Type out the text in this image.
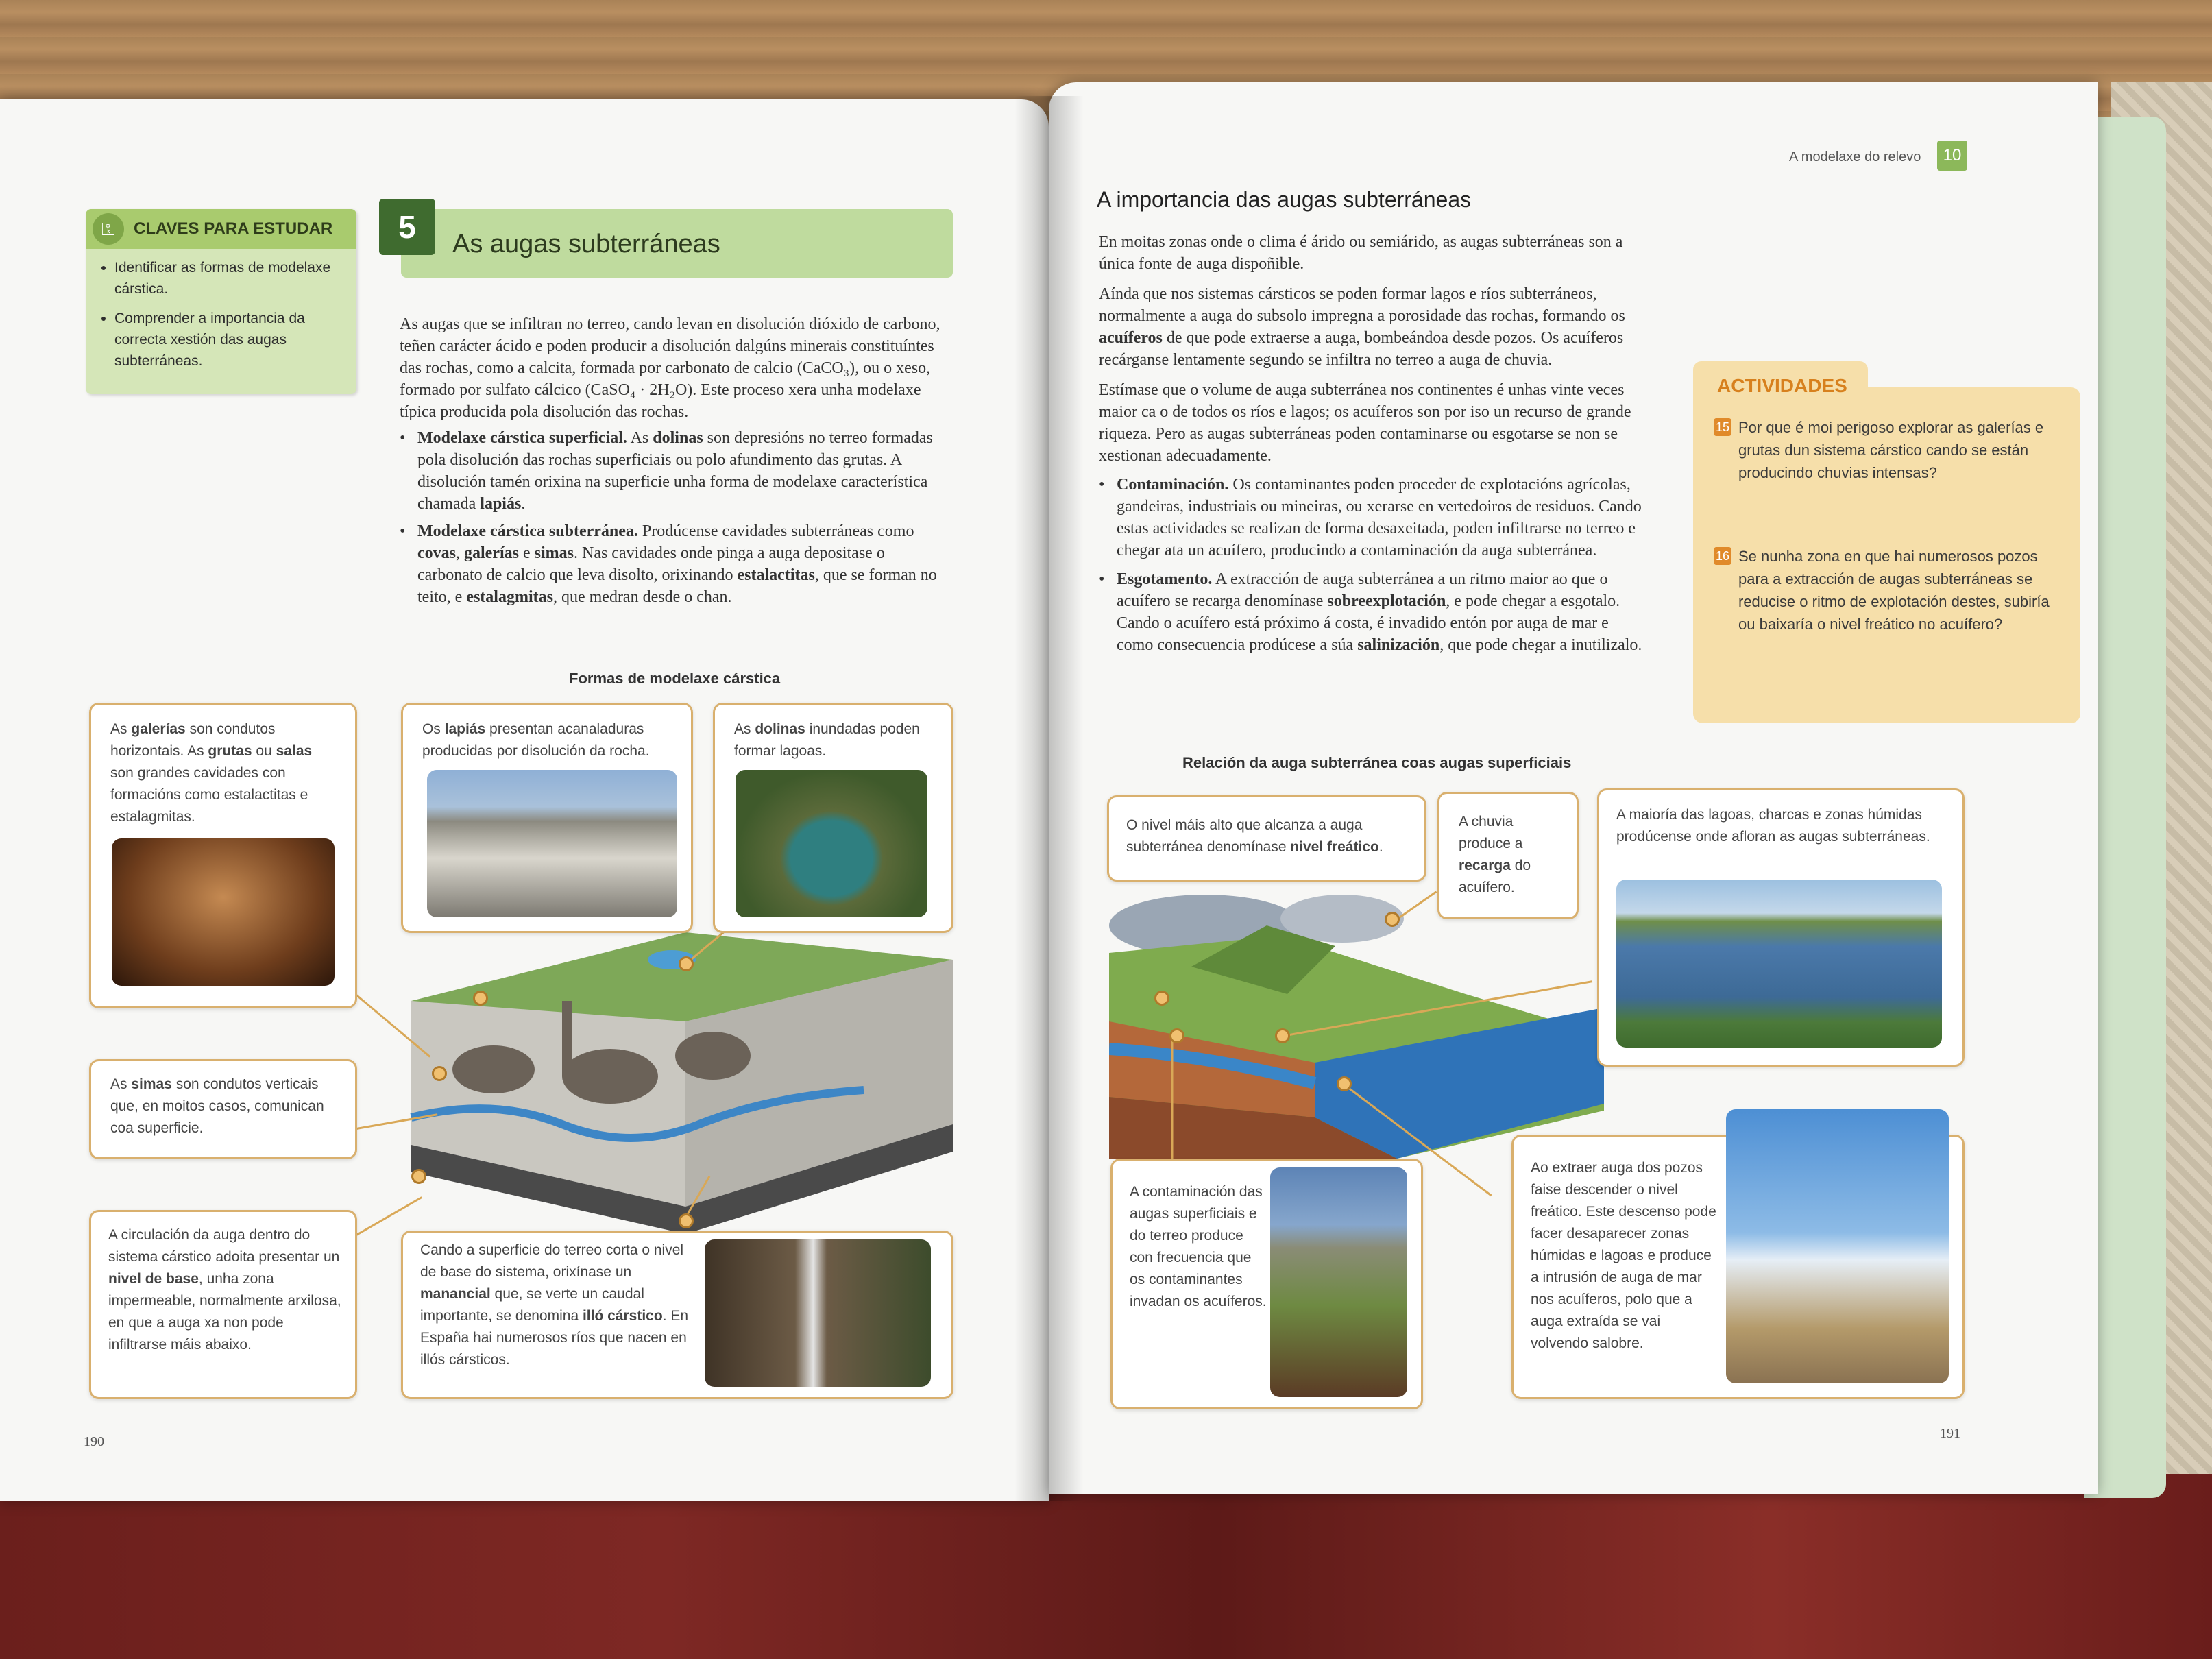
⚿	CLAVES PARA ESTUDAR
• Identificar as formas de modelaxe cárstica.
• Comprender a importancia da correcta xestión das augas subterráneas.
5	As augas subterráneas

As augas que se infiltran no terreo, cando levan en disolución dióxido de carbono, teñen carácter ácido e poden producir a disolución dalgúns minerais constituíntes das rochas, como a calcita, formada por carbonato de calcio (CaCO₃), ou o xeso, formado por sulfato cálcico (CaSO₄ · 2H₂O). Este proceso xera unha modelaxe típica producida pola disolución das rochas.

• Modelaxe cárstica superficial. As dolinas son depresións no terreo formadas pola disolución das rochas superficiais ou polo afundimento das grutas. A disolución tamén orixina na superficie unha forma de modelaxe característica chamada lapiás.
• Modelaxe cárstica subterránea. Prodúcense cavidades subterráneas como covas, galerías e simas. Nas cavidades onde pinga a auga depositase o carbonato de calcio que leva disolto, orixinando estalactitas, que se forman no teito, e estalagmitas, que medran desde o chan.
Formas de modelaxe cárstica
As galerías son condutos horizontais. As grutas ou salas son grandes cavidades con formacións como estalactitas e estalagmitas.
Os lapiás presentan acanaladuras producidas por disolución da rocha.
As dolinas inundadas poden formar lagoas.
As simas son condutos verticais que, en moitos casos, comunican coa superficie.
A circulación da auga dentro do sistema cárstico adoita presentar un nivel de base, unha zona impermeable, normalmente arxilosa, en que a auga xa non pode infiltrarse máis abaixo.
Cando a superficie do terreo corta o nivel de base do sistema, orixínase un manancial que, se verte un caudal importante, se denomina illó cárstico. En España hai numerosos ríos que nacen en illós cársticos.
190
A modelaxe do relevo	10
A importancia das augas subterráneas

En moitas zonas onde o clima é árido ou semiárido, as augas subterráneas son a única fonte de auga dispoñible.

Aínda que nos sistemas cársticos se poden formar lagos e ríos subterráneos, normalmente a auga do subsolo impregna a porosidade das rochas, formando os acuíferos de que pode extraerse a auga, bombeándoa desde pozos. Os acuíferos recárganse lentamente segundo se infiltra no terreo a auga de chuvia.

Estímase que o volume de auga subterránea nos continentes é unhas vinte veces maior ca o de todos os ríos e lagos; os acuíferos son por iso un recurso de grande riqueza. Pero as augas subterráneas poden contaminarse ou esgotarse se non se xestionan adecuadamente.

• Contaminación. Os contaminantes poden proceder de explotacións agrícolas, gandeiras, industriais ou mineiras, ou xerarse en vertedoiros de residuos. Cando estas actividades se realizan de forma desaxeitada, poden infiltrarse no terreo e chegar ata un acuífero, producindo a contaminación da auga subterránea.
• Esgotamento. A extracción de auga subterránea a un ritmo maior ao que o acuífero se recarga denomínase sobreexplotación, e pode chegar a esgotalo. Cando o acuífero está próximo á costa, é invadido entón por auga de mar e como consecuencia prodúcese a súa salinización, que pode chegar a inutilizalo.
ACTIVIDADES
15 Por que é moi perigoso explorar as galerías e grutas dun sistema cárstico cando se están producindo chuvias intensas?
16 Se nunha zona en que hai numerosos pozos para a extracción de augas subterráneas se reducise o ritmo de explotación destes, subiría ou baixaría o nivel freático no acuífero?
Relación da auga subterránea coas augas superficiais
O nivel máis alto que alcanza a auga subterránea denomínase nivel freático.
A chuvia produce a recarga do acuífero.
A maioría das lagoas, charcas e zonas húmidas prodúcense onde afloran as augas subterráneas.
A contaminación das augas superficiais e do terreo produce con frecuencia que os contaminantes invadan os acuíferos.
Ao extraer auga dos pozos faise descender o nivel freático. Este descenso pode facer desaparecer zonas húmidas e lagoas e produce a intrusión de auga de mar nos acuíferos, polo que a auga extraída se vai volvendo salobre.
191
